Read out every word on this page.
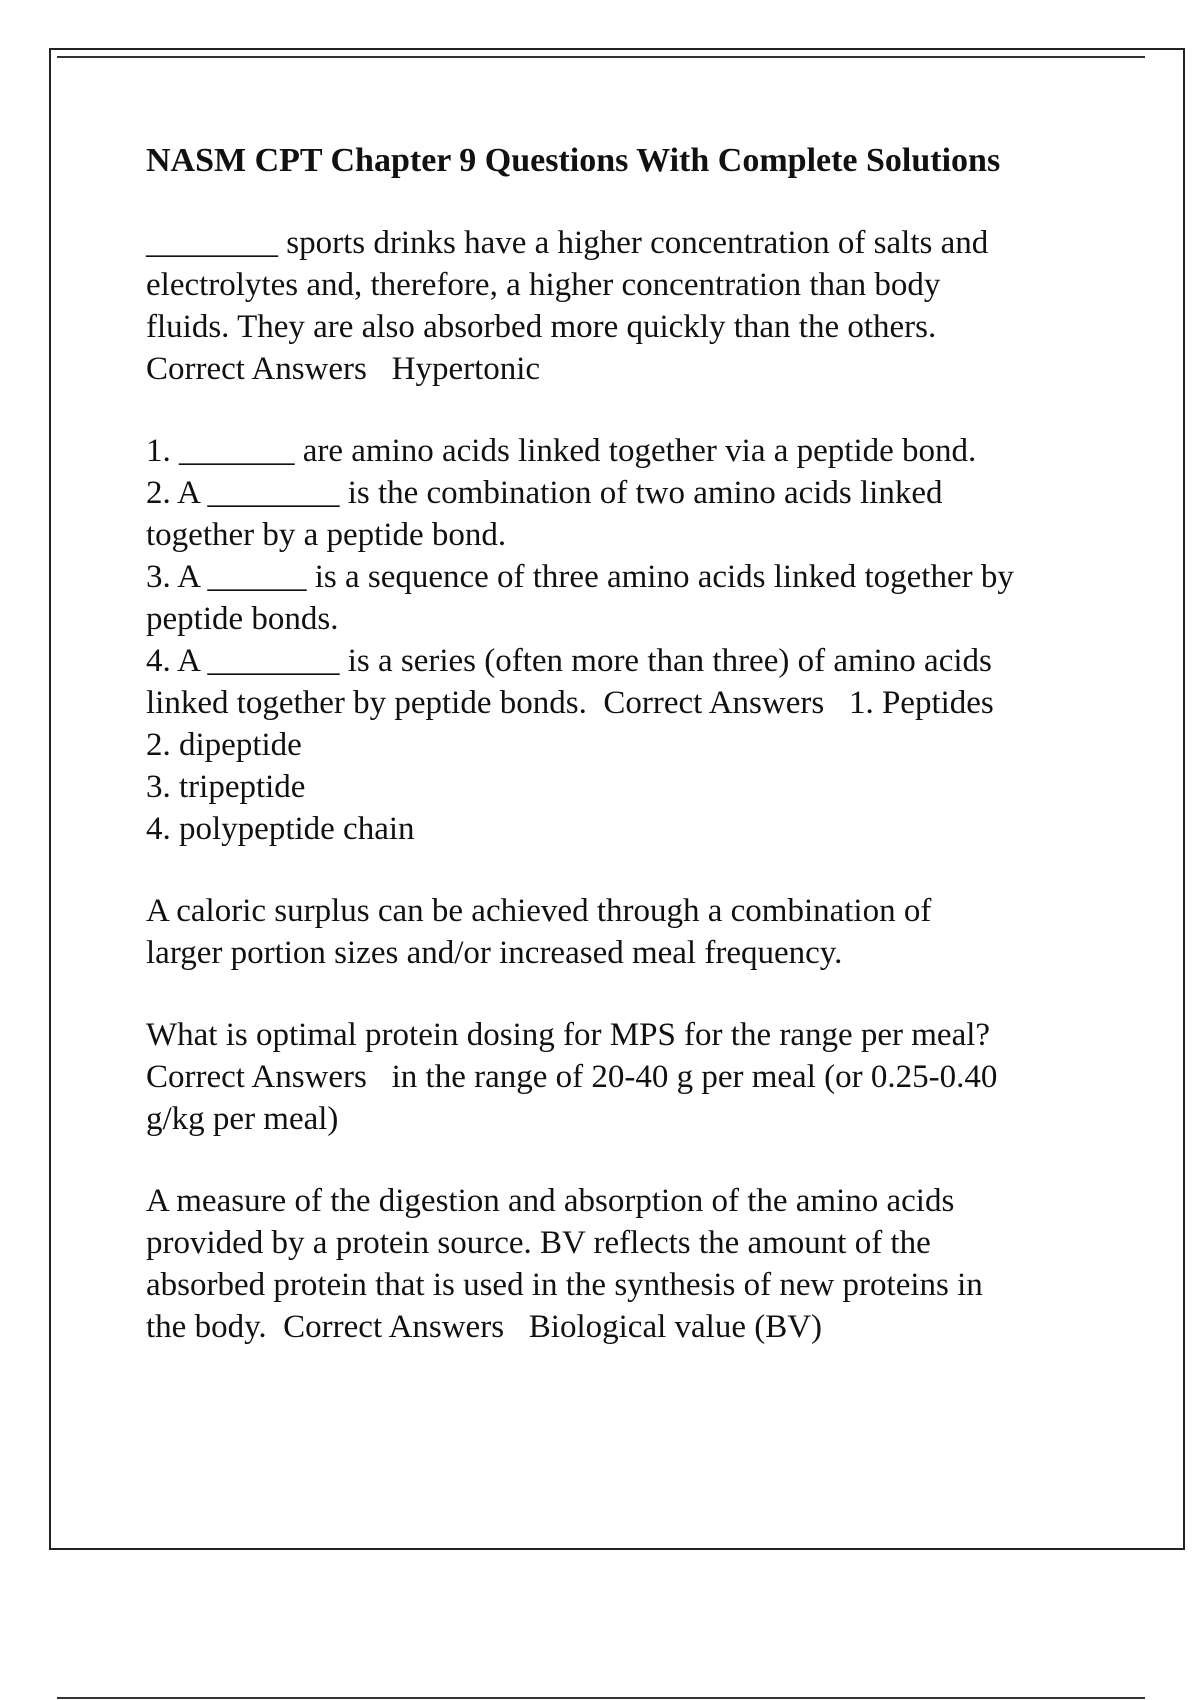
NASM CPT Chapter 9 Questions With Complete Solutions

________ sports drinks have a higher concentration of salts and

electrolytes and, therefore, a higher concentration than body

fluids. They are also absorbed more quickly than the others.

Correct Answers   Hypertonic

1. _______ are amino acids linked together via a peptide bond.

2. A ________ is the combination of two amino acids linked

together by a peptide bond.

3. A ______ is a sequence of three amino acids linked together by

peptide bonds.

4. A ________ is a series (often more than three) of amino acids

linked together by peptide bonds.  Correct Answers   1. Peptides

2. dipeptide

3. tripeptide

4. polypeptide chain

A caloric surplus can be achieved through a combination of

larger portion sizes and/or increased meal frequency.

What is optimal protein dosing for MPS for the range per meal?

Correct Answers   in the range of 20-40 g per meal (or 0.25-0.40

g/kg per meal)

A measure of the digestion and absorption of the amino acids

provided by a protein source. BV reflects the amount of the

absorbed protein that is used in the synthesis of new proteins in

the body.  Correct Answers   Biological value (BV)
